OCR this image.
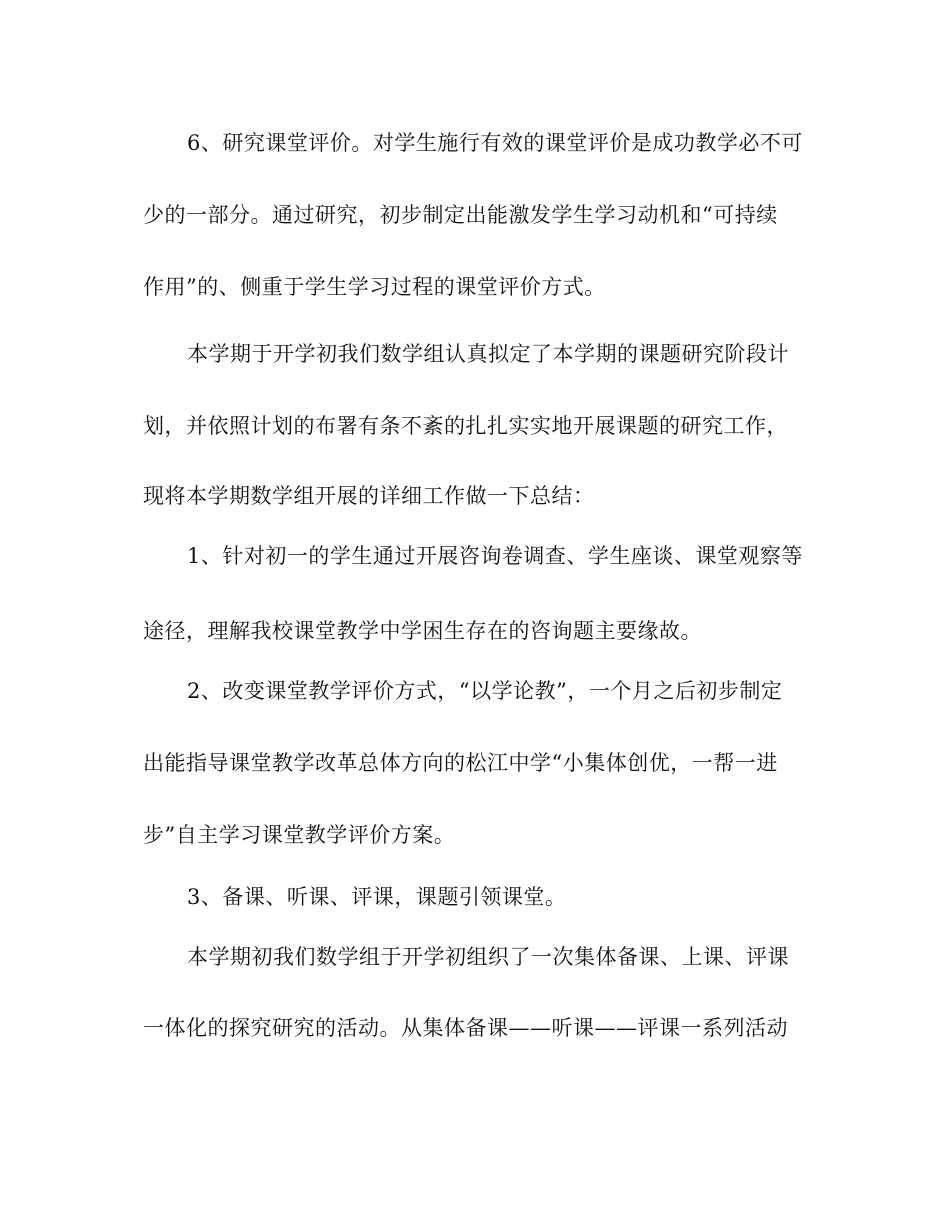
6、研究课堂评价。对学生施行有效的课堂评价是成功教学必不可
少的一部分。通过研究，初步制定出能激发学生学习动机和“可持续
作用”的、侧重于学生学习过程的课堂评价方式。
本学期于开学初我们数学组认真拟定了本学期的课题研究阶段计
划，并依照计划的布署有条不紊的扎扎实实地开展课题的研究工作，
现将本学期数学组开展的详细工作做一下总结：
1、针对初一的学生通过开展咨询卷调查、学生座谈、课堂观察等
途径，理解我校课堂教学中学困生存在的咨询题主要缘故。
2、改变课堂教学评价方式，“以学论教”，一个月之后初步制定
出能指导课堂教学改革总体方向的松江中学“小集体创优，一帮一进
步”自主学习课堂教学评价方案。
3、备课、听课、评课，课题引领课堂。
本学期初我们数学组于开学初组织了一次集体备课、上课、评课
一体化的探究研究的活动。从集体备课——听课——评课一系列活动
